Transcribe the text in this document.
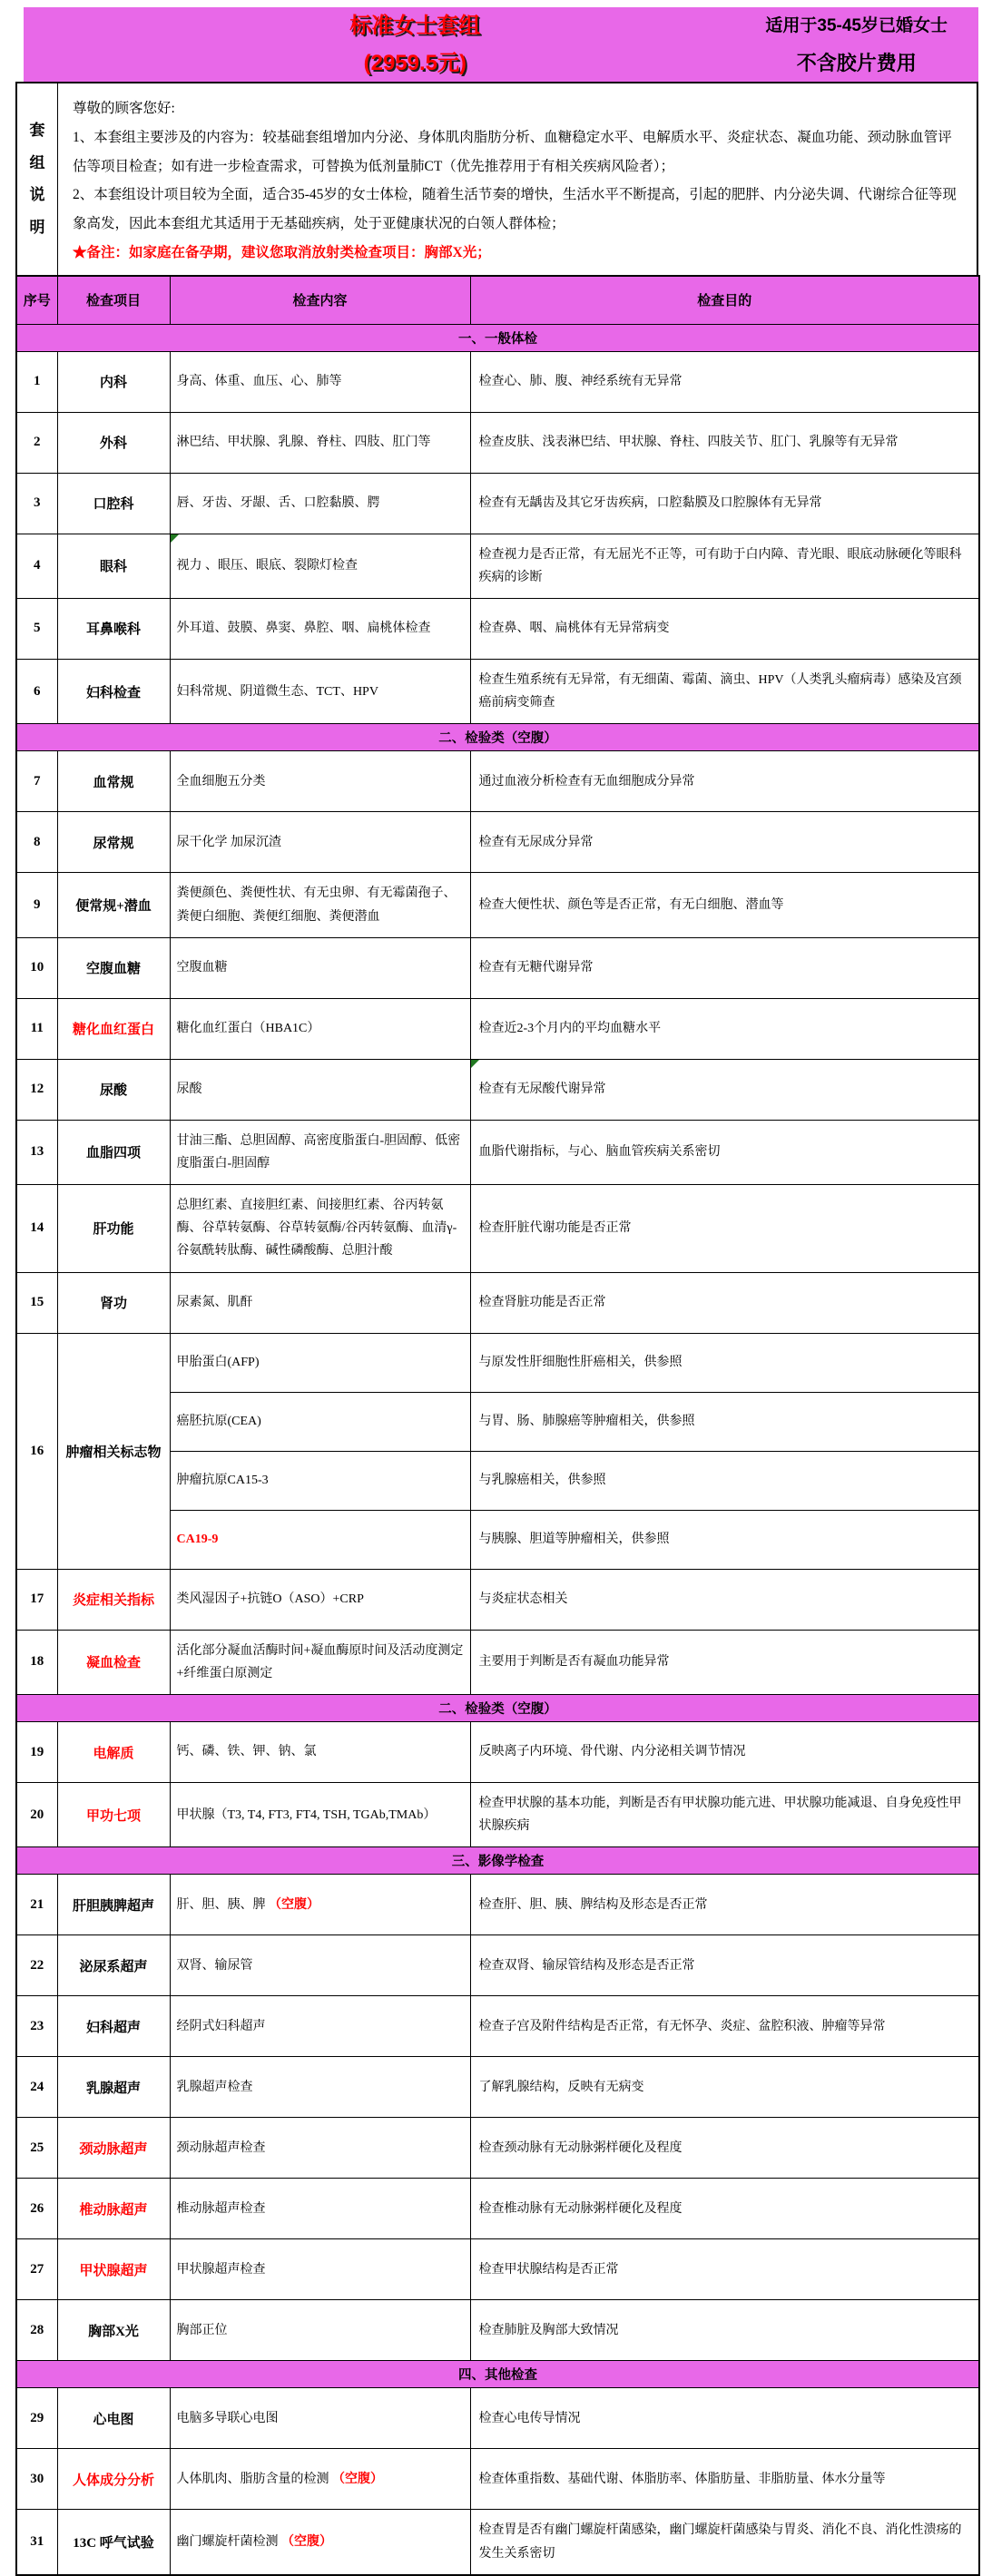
标准女士套组
(2959.5元)
适用于35-45岁已婚女士
不含胶片费用
套组说明

尊敬的顾客您好:

1、本套组主要涉及的内容为：较基础套组增加内分泌、身体肌肉脂肪分析、血糖稳定水平、电解质水平、炎症状态、凝血功能、颈动脉血管评估等项目检查；如有进一步检查需求，可替换为低剂量肺CT（优先推荐用于有相关疾病风险者）；

2、本套组设计项目较为全面，适合35-45岁的女士体检，随着生活节奏的增快，生活水平不断提高，引起的肥胖、内分泌失调、代谢综合征等现象高发，因此本套组尤其适用于无基础疾病，处于亚健康状况的白领人群体检；

★备注：如家庭在备孕期，建议您取消放射类检查项目：胸部X光；

序号	检查项目	检查内容	检查目的
一、一般体检			
1	内科	身高、体重、血压、心、肺等	检查心、肺、腹、神经系统有无异常
2	外科	淋巴结、甲状腺、乳腺、脊柱、四肢、肛门等	检查皮肤、浅表淋巴结、甲状腺、脊柱、四肢关节、肛门、乳腺等有无异常
3	口腔科	唇、牙齿、牙龈、舌、口腔黏膜、腭	检查有无龋齿及其它牙齿疾病，口腔黏膜及口腔腺体有无异常
4	眼科	视力 、眼压、眼底、裂隙灯检查	检查视力是否正常，有无屈光不正等，可有助于白内障、青光眼、眼底动脉硬化等眼科疾病的诊断
5	耳鼻喉科	外耳道、鼓膜、鼻窦、鼻腔、咽、扁桃体检查	检查鼻、咽、扁桃体有无异常病变
6	妇科检查	妇科常规、阴道微生态、TCT、HPV	检查生殖系统有无异常，有无细菌、霉菌、滴虫、HPV（人类乳头瘤病毒）感染及宫颈癌前病变筛查
二、检验类（空腹）			
7	血常规	全血细胞五分类	通过血液分析检查有无血细胞成分异常
8	尿常规	尿干化学 加尿沉渣	检查有无尿成分异常
9	便常规+潜血	粪便颜色、粪便性状、有无虫卵、有无霉菌孢子、粪便白细胞、粪便红细胞、粪便潜血	检查大便性状、颜色等是否正常，有无白细胞、潜血等
10	空腹血糖	空腹血糖	检查有无糖代谢异常
11	糖化血红蛋白	糖化血红蛋白（HBA1C）	检查近2-3个月内的平均血糖水平
12	尿酸	尿酸	检查有无尿酸代谢异常
13	血脂四项	甘油三酯、总胆固醇、高密度脂蛋白-胆固醇、低密度脂蛋白-胆固醇	血脂代谢指标，与心、脑血管疾病关系密切
14	肝功能	总胆红素、直接胆红素、间接胆红素、谷丙转氨酶、谷草转氨酶、谷草转氨酶/谷丙转氨酶、血清γ-谷氨酰转肽酶、碱性磷酸酶、总胆汁酸	检查肝脏代谢功能是否正常
15	肾功	尿素氮、肌酐	检查肾脏功能是否正常
16	肿瘤相关标志物	甲胎蛋白(AFP)	与原发性肝细胞性肝癌相关，供参照
		癌胚抗原(CEA)	与胃、肠、肺腺癌等肿瘤相关，供参照
		肿瘤抗原CA15-3	与乳腺癌相关，供参照
		CA19-9	与胰腺、胆道等肿瘤相关，供参照
17	炎症相关指标	类风湿因子+抗链O（ASO）+CRP	与炎症状态相关
18	凝血检查	活化部分凝血活酶时间+凝血酶原时间及活动度测定+纤维蛋白原测定	主要用于判断是否有凝血功能异常
二、检验类（空腹）			
19	电解质	钙、磷、铁、钾、钠、氯	反映离子内环境、骨代谢、内分泌相关调节情况
20	甲功七项	甲状腺（T3, T4, FT3, FT4, TSH, TGAb,TMAb）	检查甲状腺的基本功能，判断是否有甲状腺功能亢进、甲状腺功能减退、自身免疫性甲状腺疾病
三、影像学检查			
21	肝胆胰脾超声	肝、胆、胰、脾 （空腹）	检查肝、胆、胰、脾结构及形态是否正常
22	泌尿系超声	双肾、输尿管	检查双肾、输尿管结构及形态是否正常
23	妇科超声	经阴式妇科超声	检查子宫及附件结构是否正常，有无怀孕、炎症、盆腔积液、肿瘤等异常
24	乳腺超声	乳腺超声检查	了解乳腺结构，反映有无病变
25	颈动脉超声	颈动脉超声检查	检查颈动脉有无动脉粥样硬化及程度
26	椎动脉超声	椎动脉超声检查	检查椎动脉有无动脉粥样硬化及程度
27	甲状腺超声	甲状腺超声检查	检查甲状腺结构是否正常
28	胸部X光	胸部正位	检查肺脏及胸部大致情况
四、其他检查			
29	心电图	电脑多导联心电图	检查心电传导情况
30	人体成分分析	人体肌肉、脂肪含量的检测 （空腹）	检查体重指数、基础代谢、体脂肪率、体脂肪量、非脂肪量、体水分量等
31	13C 呼气试验	幽门螺旋杆菌检测 （空腹）	检查胃是否有幽门螺旋杆菌感染，幽门螺旋杆菌感染与胃炎、消化不良、消化性溃疡的发生关系密切
